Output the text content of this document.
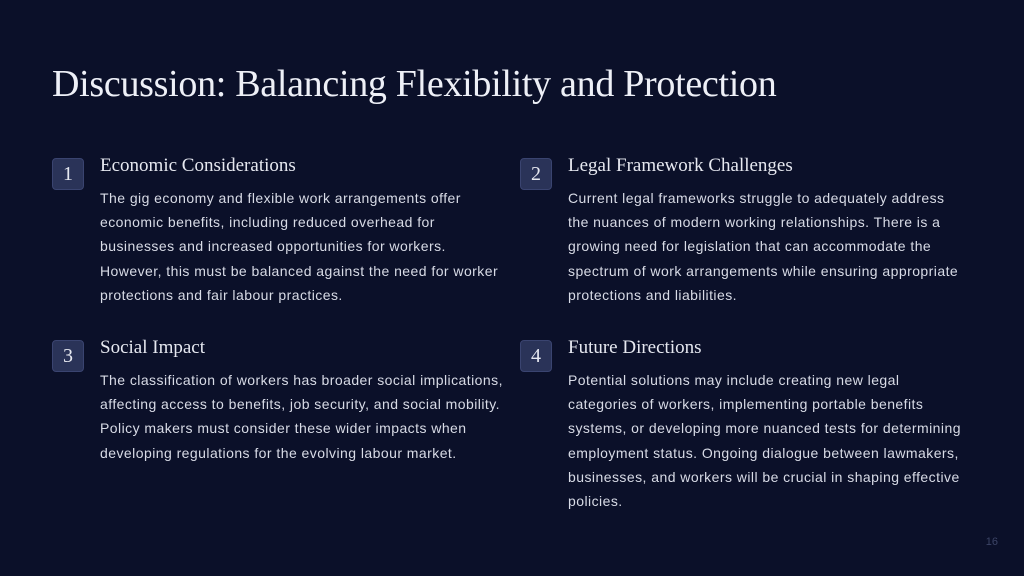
Discussion: Balancing Flexibility and Protection
1	Economic Considerations

The gig economy and flexible work arrangements offer economic benefits, including reduced overhead for businesses and increased opportunities for workers. However, this must be balanced against the need for worker protections and fair labour practices.

2	Legal Framework Challenges

Current legal frameworks struggle to adequately address the nuances of modern working relationships. There is a growing need for legislation that can accommodate the spectrum of work arrangements while ensuring appropriate protections and liabilities.

3	Social Impact

The classification of workers has broader social implications, affecting access to benefits, job security, and social mobility. Policy makers must consider these wider impacts when developing regulations for the evolving labour market.

4	Future Directions

Potential solutions may include creating new legal categories of workers, implementing portable benefits systems, or developing more nuanced tests for determining employment status. Ongoing dialogue between lawmakers, businesses, and workers will be crucial in shaping effective policies.

16
